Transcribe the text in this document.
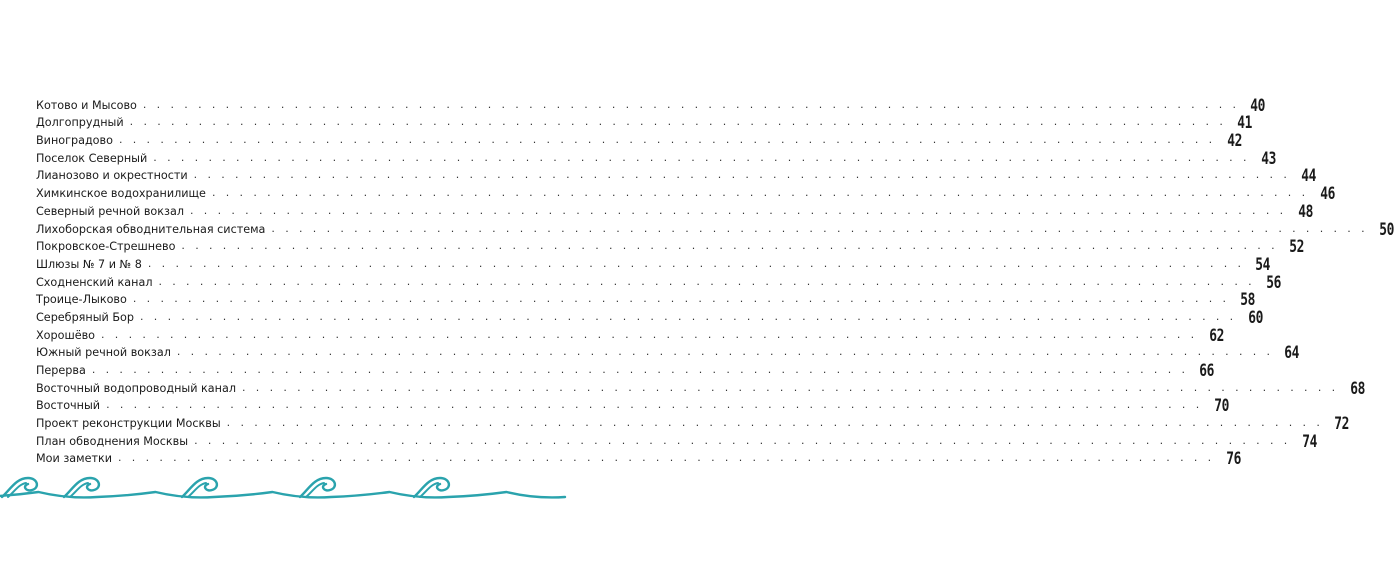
Котово и Мысово . . . . . . . . . . . . . . . . . . . . . . . . . . . . . . . . . . . . . . . . . . . . . . . . . . . . . . . . . . . . . . . . . . . . . . . . . . . . . . . . 40
Долгопрудный . . . . . . . . . . . . . . . . . . . . . . . . . . . . . . . . . . . . . . . . . . . . . . . . . . . . . . . . . . . . . . . . . . . . . . . . . . . . . . . . 41
Виноградово . . . . . . . . . . . . . . . . . . . . . . . . . . . . . . . . . . . . . . . . . . . . . . . . . . . . . . . . . . . . . . . . . . . . . . . . . . . . . . . . 42
Поселок Северный . . . . . . . . . . . . . . . . . . . . . . . . . . . . . . . . . . . . . . . . . . . . . . . . . . . . . . . . . . . . . . . . . . . . . . . . . . . . . . . . 43
Лианозово и окрестности . . . . . . . . . . . . . . . . . . . . . . . . . . . . . . . . . . . . . . . . . . . . . . . . . . . . . . . . . . . . . . . . . . . . . . . . . . . . . . . . 44
Химкинское водохранилище . . . . . . . . . . . . . . . . . . . . . . . . . . . . . . . . . . . . . . . . . . . . . . . . . . . . . . . . . . . . . . . . . . . . . . . . . . . . . . . . 46
Северный речной вокзал . . . . . . . . . . . . . . . . . . . . . . . . . . . . . . . . . . . . . . . . . . . . . . . . . . . . . . . . . . . . . . . . . . . . . . . . . . . . . . . . 48
Лихоборская обводнительная система . . . . . . . . . . . . . . . . . . . . . . . . . . . . . . . . . . . . . . . . . . . . . . . . . . . . . . . . . . . . . . . . . . . . . . . . . . . . . . . . 50
Покровское-Стрешнево . . . . . . . . . . . . . . . . . . . . . . . . . . . . . . . . . . . . . . . . . . . . . . . . . . . . . . . . . . . . . . . . . . . . . . . . . . . . . . . . 52
Шлюзы № 7 и № 8 . . . . . . . . . . . . . . . . . . . . . . . . . . . . . . . . . . . . . . . . . . . . . . . . . . . . . . . . . . . . . . . . . . . . . . . . . . . . . . . . 54
Сходненский канал . . . . . . . . . . . . . . . . . . . . . . . . . . . . . . . . . . . . . . . . . . . . . . . . . . . . . . . . . . . . . . . . . . . . . . . . . . . . . . . . 56
Троице-Лыково . . . . . . . . . . . . . . . . . . . . . . . . . . . . . . . . . . . . . . . . . . . . . . . . . . . . . . . . . . . . . . . . . . . . . . . . . . . . . . . . 58
Серебряный Бор . . . . . . . . . . . . . . . . . . . . . . . . . . . . . . . . . . . . . . . . . . . . . . . . . . . . . . . . . . . . . . . . . . . . . . . . . . . . . . . . 60
Хорошёво . . . . . . . . . . . . . . . . . . . . . . . . . . . . . . . . . . . . . . . . . . . . . . . . . . . . . . . . . . . . . . . . . . . . . . . . . . . . . . . . 62
Южный речной вокзал . . . . . . . . . . . . . . . . . . . . . . . . . . . . . . . . . . . . . . . . . . . . . . . . . . . . . . . . . . . . . . . . . . . . . . . . . . . . . . . . 64
Перерва . . . . . . . . . . . . . . . . . . . . . . . . . . . . . . . . . . . . . . . . . . . . . . . . . . . . . . . . . . . . . . . . . . . . . . . . . . . . . . . . 66
Восточный водопроводный канал . . . . . . . . . . . . . . . . . . . . . . . . . . . . . . . . . . . . . . . . . . . . . . . . . . . . . . . . . . . . . . . . . . . . . . . . . . . . . . . . 68
Восточный . . . . . . . . . . . . . . . . . . . . . . . . . . . . . . . . . . . . . . . . . . . . . . . . . . . . . . . . . . . . . . . . . . . . . . . . . . . . . . . . 70
Проект реконструкции Москвы . . . . . . . . . . . . . . . . . . . . . . . . . . . . . . . . . . . . . . . . . . . . . . . . . . . . . . . . . . . . . . . . . . . . . . . . . . . . . . . . 72
План обводнения Москвы . . . . . . . . . . . . . . . . . . . . . . . . . . . . . . . . . . . . . . . . . . . . . . . . . . . . . . . . . . . . . . . . . . . . . . . . . . . . . . . . 74
Мои заметки . . . . . . . . . . . . . . . . . . . . . . . . . . . . . . . . . . . . . . . . . . . . . . . . . . . . . . . . . . . . . . . . . . . . . . . . . . . . . . . . 76
